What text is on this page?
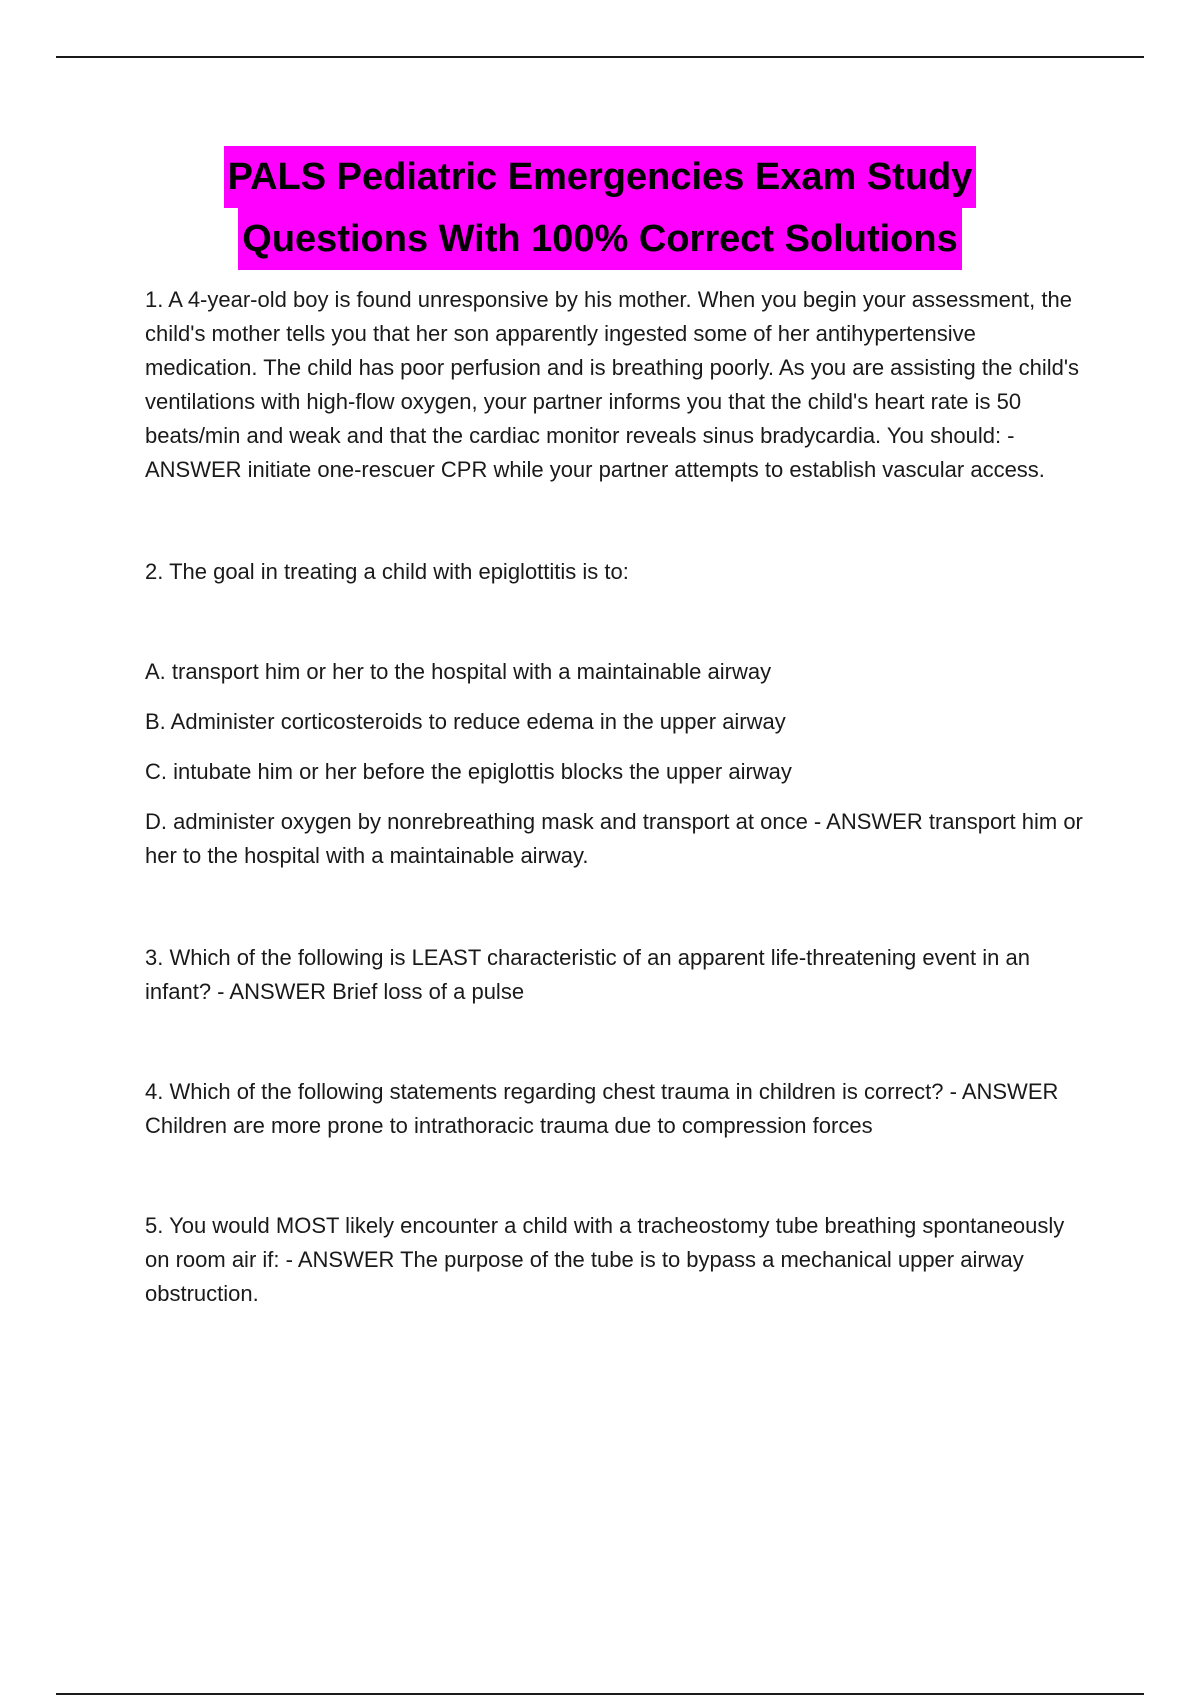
PALS Pediatric Emergencies Exam Study
Questions With 100% Correct Solutions

1. A 4-year-old boy is found unresponsive by his mother. When you begin your assessment, the child's mother tells you that her son apparently ingested some of her antihypertensive medication. The child has poor perfusion and is breathing poorly. As you are assisting the child's ventilations with high-flow oxygen, your partner informs you that the child's heart rate is 50 beats/min and weak and that the cardiac monitor reveals sinus bradycardia. You should: - ANSWER initiate one-rescuer CPR while your partner attempts to establish vascular access.

2. The goal in treating a child with epiglottitis is to:

A. transport him or her to the hospital with a maintainable airway

B. Administer corticosteroids to reduce edema in the upper airway

C. intubate him or her before the epiglottis blocks the upper airway

D. administer oxygen by nonrebreathing mask and transport at once - ANSWER transport him or her to the hospital with a maintainable airway.

3. Which of the following is LEAST characteristic of an apparent life-threatening event in an infant? - ANSWER Brief loss of a pulse

4. Which of the following statements regarding chest trauma in children is correct? - ANSWER Children are more prone to intrathoracic trauma due to compression forces

5. You would MOST likely encounter a child with a tracheostomy tube breathing spontaneously on room air if: - ANSWER The purpose of the tube is to bypass a mechanical upper airway obstruction.
